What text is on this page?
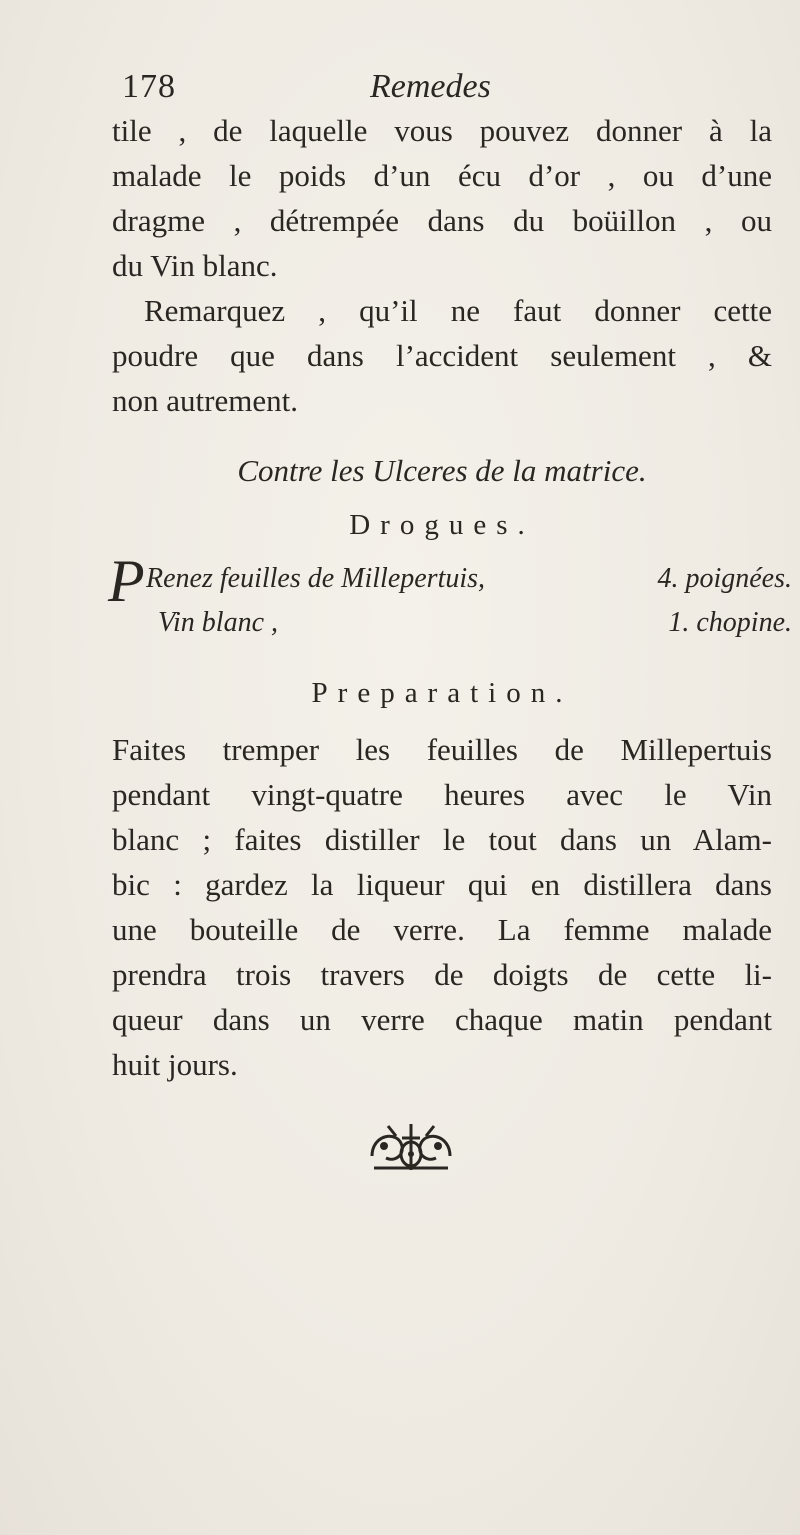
178	Remedes

tile , de laquelle vous pouvez donner à la
malade le poids d’un écu d’or , ou d’une
dragme , détrempée dans du boüillon , ou
du Vin blanc.

Remarquez , qu’il ne faut donner cette
poudre que dans l’accident seulement , &
non autrement.

Contre les Ulceres de la matrice.
Drogues.
P Renez feuilles de Millepertuis,	4. poignées.
Vin blanc ,	1. chopine.
Preparation.

Faites tremper les feuilles de Millepertuis
pendant vingt-quatre heures avec le Vin
blanc ; faites distiller le tout dans un Alam-
bic : gardez la liqueur qui en distillera dans
une bouteille de verre. La femme malade
prendra trois travers de doigts de cette li-
queur dans un verre chaque matin pendant
huit jours.
